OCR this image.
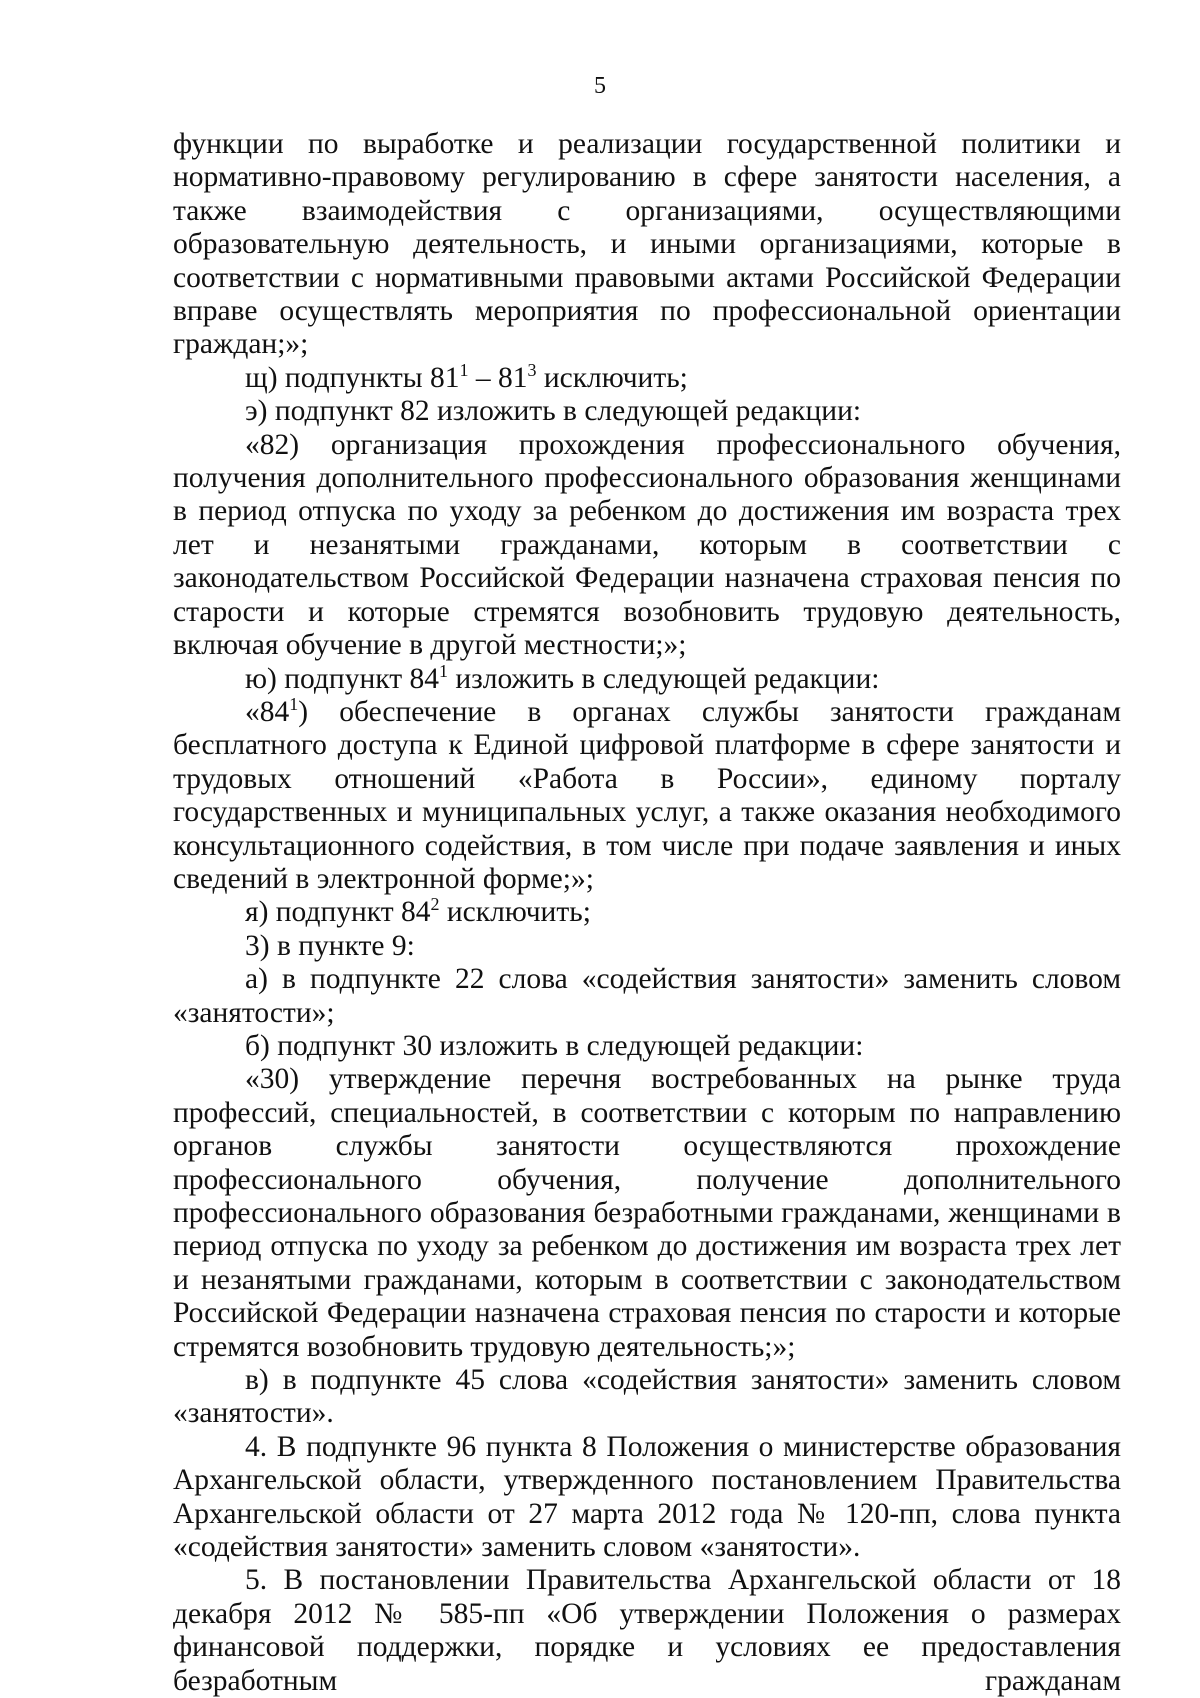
5

функции по выработке и реализации государственной политики и нормативно-правовому регулированию в сфере занятости населения, а также взаимодействия с организациями, осуществляющими образовательную деятельность, и иными организациями, которые в соответствии с нормативными правовыми актами Российской Федерации вправе осуществлять мероприятия по профессиональной ориентации граждан;»;

щ) подпункты $81^1 - 81^3$ исключить;

э) подпункт 82 изложить в следующей редакции:

«82) организация прохождения профессионального обучения, получения дополнительного профессионального образования женщинами в период отпуска по уходу за ребенком до достижения им возраста трех лет и незанятыми гражданами, которым в соответствии с законодательством Российской Федерации назначена страховая пенсия по старости и которые стремятся возобновить трудовую деятельность, включая обучение в другой местности;»;

ю) подпункт $84^1$ изложить в следующей редакции:

«$84^1$) обеспечение в органах службы занятости гражданам бесплатного доступа к Единой цифровой платформе в сфере занятости и трудовых отношений «Работа в России», единому порталу государственных и муниципальных услуг, а также оказания необходимого консультационного содействия, в том числе при подаче заявления и иных сведений в электронной форме;»;

я) подпункт $84^2$ исключить;

3) в пункте 9:

а) в подпункте 22 слова «содействия занятости» заменить словом «занятости»;

б) подпункт 30 изложить в следующей редакции:

«30) утверждение перечня востребованных на рынке труда профессий, специальностей, в соответствии с которым по направлению органов службы занятости осуществляются прохождение профессионального обучения, получение дополнительного профессионального образования безработными гражданами, женщинами в период отпуска по уходу за ребенком до достижения им возраста трех лет и незанятыми гражданами, которым в соответствии с законодательством Российской Федерации назначена страховая пенсия по старости и которые стремятся возобновить трудовую деятельность;»;

в) в подпункте 45 слова «содействия занятости» заменить словом «занятости».

4. В подпункте 96 пункта 8 Положения о министерстве образования Архангельской области, утвержденного постановлением Правительства Архангельской области от 27 марта 2012 года № 120-пп, слова пункта «содействия занятости» заменить словом «занятости».

5. В постановлении Правительства Архангельской области от 18 декабря 2012 № 585-пп «Об утверждении Положения о размерах финансовой поддержки, порядке и условиях ее предоставления безработным гражданам
